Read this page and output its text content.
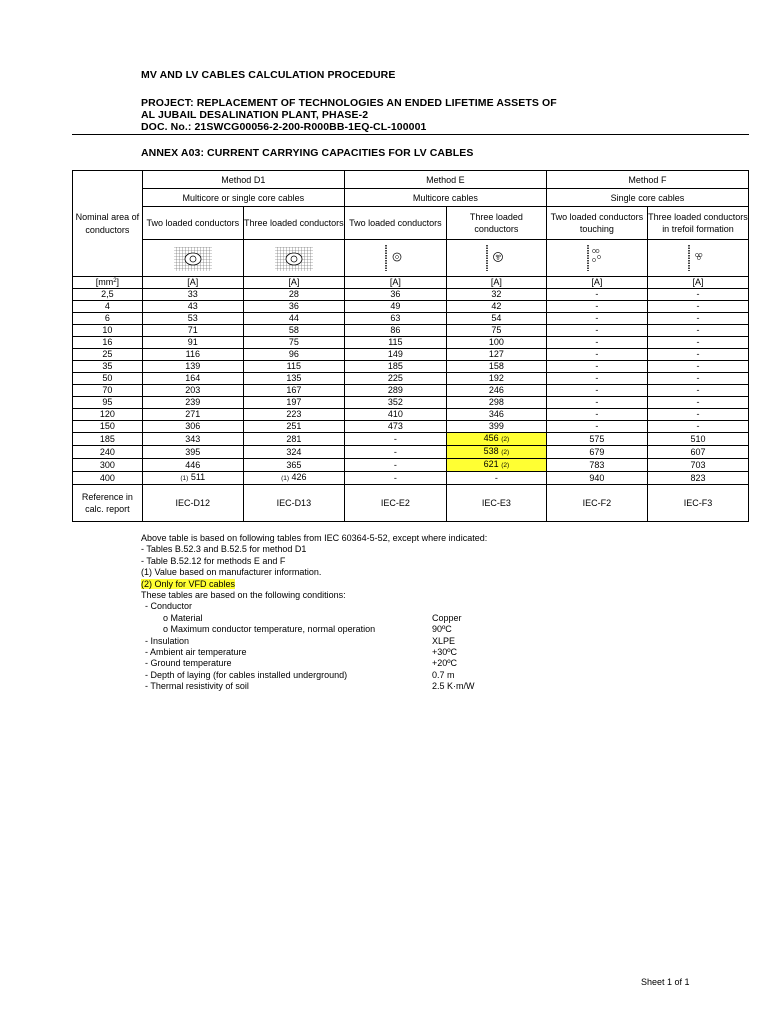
MV AND LV CABLES CALCULATION PROCEDURE
PROJECT: REPLACEMENT OF TECHNOLOGIES AN ENDED LIFETIME ASSETS OF
AL JUBAIL DESALINATION PLANT, PHASE-2
DOC. No.: 21SWCG00056-2-200-R000BB-1EQ-CL-100001
ANNEX A03: CURRENT CARRYING CAPACITIES FOR LV CABLES
Nominal area of conductors	Method D1		Method E		Method F	
	Multicore or single core cables		Multicore cables		Single core cables	
	Two loaded conductors	Three loaded conductors	Two loaded conductors	Three loaded conductors	Two loaded conductors touching	Three loaded conductors in trefoil formation

$[mm^2]$	[A]	[A]	[A]	[A]	[A]	[A]
2,5	33	28	36	32	-	-
4	43	36	49	42	-	-
6	53	44	63	54	-	-
10	71	58	86	75	-	-
16	91	75	115	100	-	-
25	116	96	149	127	-	-
35	139	115	185	158	-	-
50	164	135	225	192	-	-
70	203	167	289	246	-	-
95	239	197	352	298	-	-
120	271	223	410	346	-	-
150	306	251	473	399	-	-
185	343	281	-	456 (2)	575	510
240	395	324	-	538 (2)	679	607
300	446	365	-	621 (2)	783	703
400	(1) 511	(1) 426	-	-	940	823
Reference in calc. report	IEC-D12	IEC-D13	IEC-E2	IEC-E3	IEC-F2	IEC-F3
Above table is based on following tables from IEC 60364-5-52, except where indicated:
- Tables B.52.3 and B.52.5 for method D1
- Table B.52.12 for methods E and F
(1) Value based on manufacturer information.
(2) Only for VFD cables
These tables are based on the following conditions:
- Conductor
o Material	Copper
o Maximum conductor temperature, normal operation	90ºC
- Insulation	XLPE
- Ambient air temperature	+30ºC
- Ground temperature	+20ºC
- Depth of laying (for cables installed underground)	0.7 m
- Thermal resistivity of soil	2.5 K·m/W
Sheet 1 of 1
